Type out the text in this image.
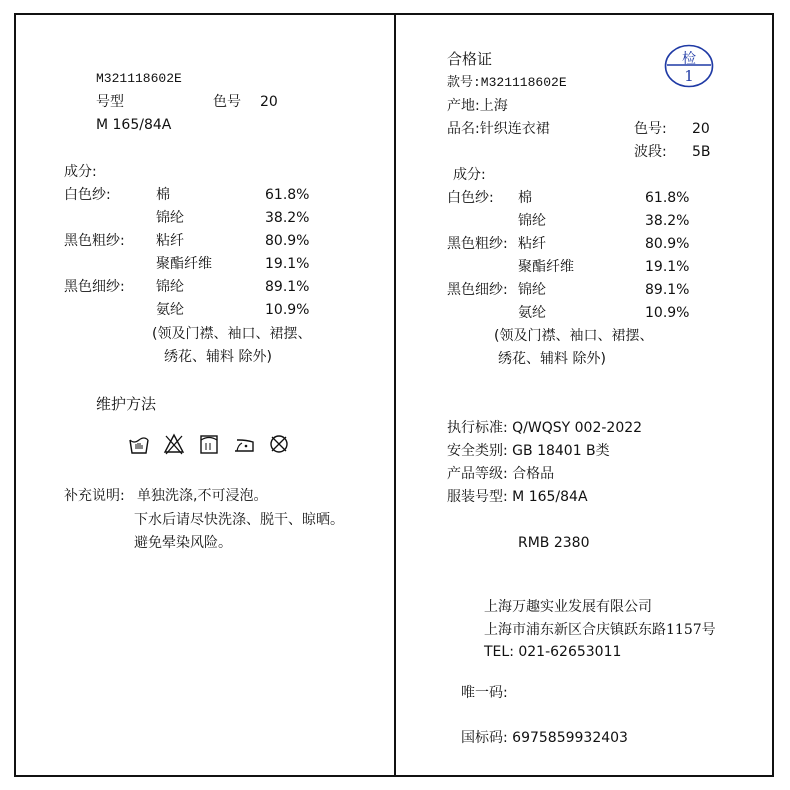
M321118602E
号型	色号 20
M 165/84A
成分:
白色纱:	棉	61.8%
锦纶	38.2%
黑色粗纱: 粘纤	80.9%
聚酯纤维	19.1%
黑色细纱: 锦纶	89.1%
氨纶	10.9%
(领及门襟、袖口、裙摆、
绣花、辅料 除外)
维护方法
补充说明: 单独洗涤,不可浸泡。
下水后请尽快洗涤、脱干、晾晒。
避免晕染风险。
合格证	检
1
款号:M321118602E
产地:上海
品名:针织连衣裙	色号: 20
波段: 5B
成分:
白色纱: 棉	61.8%
锦纶	38.2%
黑色粗纱: 粘纤	80.9%
聚酯纤维	19.1%
黑色细纱: 锦纶	89.1%
氨纶	10.9%
(领及门襟、袖口、裙摆、
绣花、辅料 除外)
执行标准: Q/WQSY 002-2022
安全类别: GB 18401 B类
产品等级: 合格品
服装号型: M 165/84A
RMB 2380
上海万趣实业发展有限公司
上海市浦东新区合庆镇跃东路1157号
TEL: 021-62653011
唯一码:
国标码: 6975859932403
